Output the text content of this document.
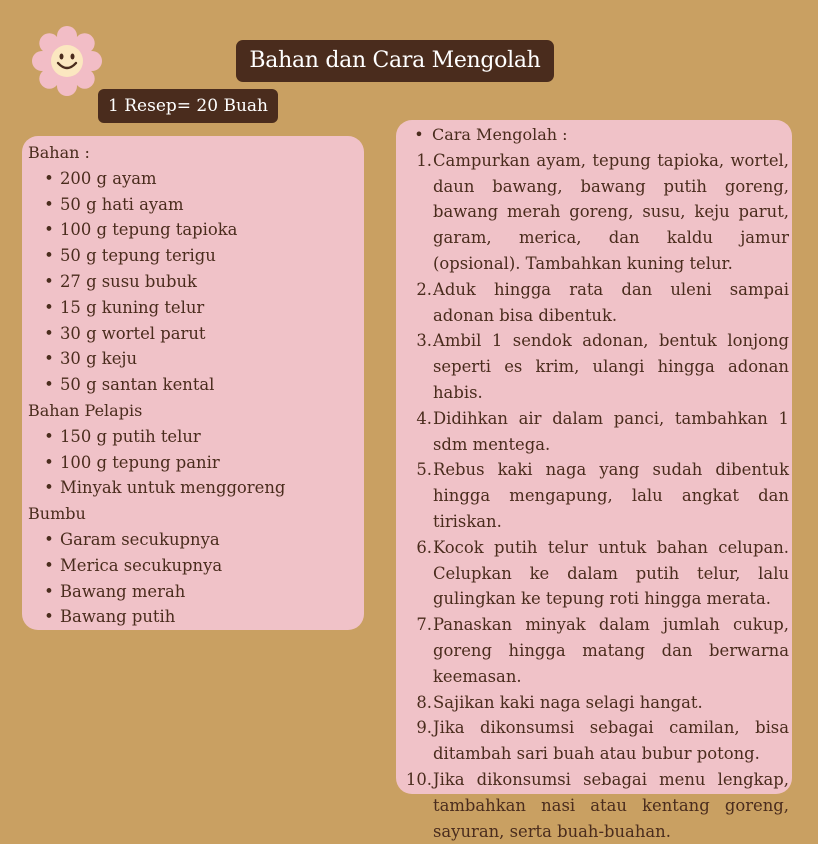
Bahan dan Cara Mengolah
1 Resep= 20 Buah
Bahan :
• 200 g ayam
• 50 g hati ayam
• 100 g tepung tapioka
• 50 g tepung terigu
• 27 g susu bubuk
• 15 g kuning telur
• 30 g wortel parut
• 30 g keju
• 50 g santan kental
Bahan Pelapis
• 150 g putih telur
• 100 g tepung panir
• Minyak untuk menggoreng
Bumbu
• Garam secukupnya
• Merica secukupnya
• Bawang merah
• Bawang putih
• Cara Mengolah :
1. Campurkan ayam, tepung tapioka, wortel, daun bawang, bawang putih goreng, bawang merah goreng, susu, keju parut, garam, merica, dan kaldu jamur (opsional). Tambahkan kuning telur.
2. Aduk hingga rata dan uleni sampai adonan bisa dibentuk.
3. Ambil 1 sendok adonan, bentuk lonjong seperti es krim, ulangi hingga adonan habis.
4. Didihkan air dalam panci, tambahkan 1 sdm mentega.
5. Rebus kaki naga yang sudah dibentuk hingga mengapung, lalu angkat dan tiriskan.
6. Kocok putih telur untuk bahan celupan. Celupkan ke dalam putih telur, lalu gulingkan ke tepung roti hingga merata.
7. Panaskan minyak dalam jumlah cukup, goreng hingga matang dan berwarna keemasan.
8. Sajikan kaki naga selagi hangat.
9. Jika dikonsumsi sebagai camilan, bisa ditambah sari buah atau bubur potong.
10. Jika dikonsumsi sebagai menu lengkap, tambahkan nasi atau kentang goreng, sayuran, serta buah-buahan.
